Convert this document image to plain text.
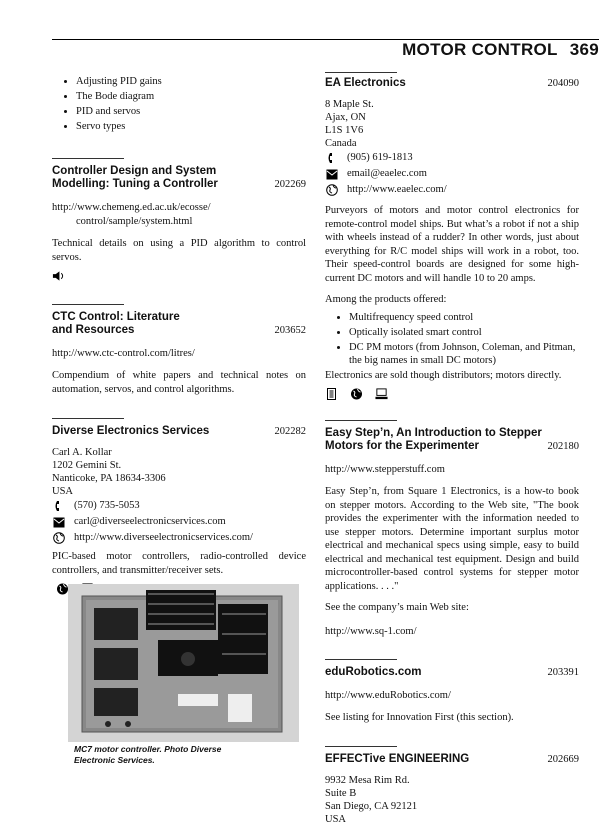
MOTOR CONTROL 369
• Adjusting PID gains
• The Bode diagram
• PID and servos
• Servo types
Controller Design and System
Modelling: Tuning a Controller	202269
http://www.chemeng.ed.ac.uk/ecosse/
control/sample/system.html

Technical details on using a PID algorithm to control servos.

CTC Control: Literature
and Resources	203652
http://www.ctc-control.com/litres/

Compendium of white papers and technical notes on automation, servos, and control algorithms.

Diverse Electronics Services	202282
Carl A. Kollar
1202 Gemini St.
Nanticoke, PA 18634-3306
USA
(570) 735-5053
carl@diverseelectronicservices.com
http://www.diverseelectronicservices.com/

PIC-based motor controllers, radio-controlled device controllers, and transmitter/receiver sets.

MC7 motor controller. Photo Diverse
Electronic Services.
EA Electronics	204090
8 Maple St.
Ajax, ON
L1S 1V6
Canada
(905) 619-1813
email@eaelec.com
http://www.eaelec.com/

Purveyors of motors and motor control electronics for remote-control model ships. But what’s a robot if not a ship with wheels instead of a rudder? In other words, just about everything for R/C model ships will work in a robot, too. Their speed-control boards are designed for some high-current DC motors and will handle 10 to 20 amps.

Among the products offered:

• Multifrequency speed control
• Optically isolated smart control
• DC PM motors (from Johnson, Coleman, and Pitman, the big names in small DC motors)

Electronics are sold though distributors; motors directly.

Easy Step’n, An Introduction to Stepper
Motors for the Experimenter	202180
http://www.stepperstuff.com

Easy Step’n, from Square 1 Electronics, is a how-to book on stepper motors. According to the Web site, "The book provides the experimenter with the information needed to use stepper motors. Determine important surplus motor electrical and mechanical specs using simple, easy to build electrical and mechanical test equipment. Design and build microcontroller-based control systems for stepper motor applications. . . ."

See the company’s main Web site:

http://www.sq-1.com/
eduRobotics.com	203391
http://www.eduRobotics.com/

See listing for Innovation First (this section).

EFFECTive ENGINEERING	202669
9932 Mesa Rim Rd.
Suite B
San Diego, CA 92121
USA
